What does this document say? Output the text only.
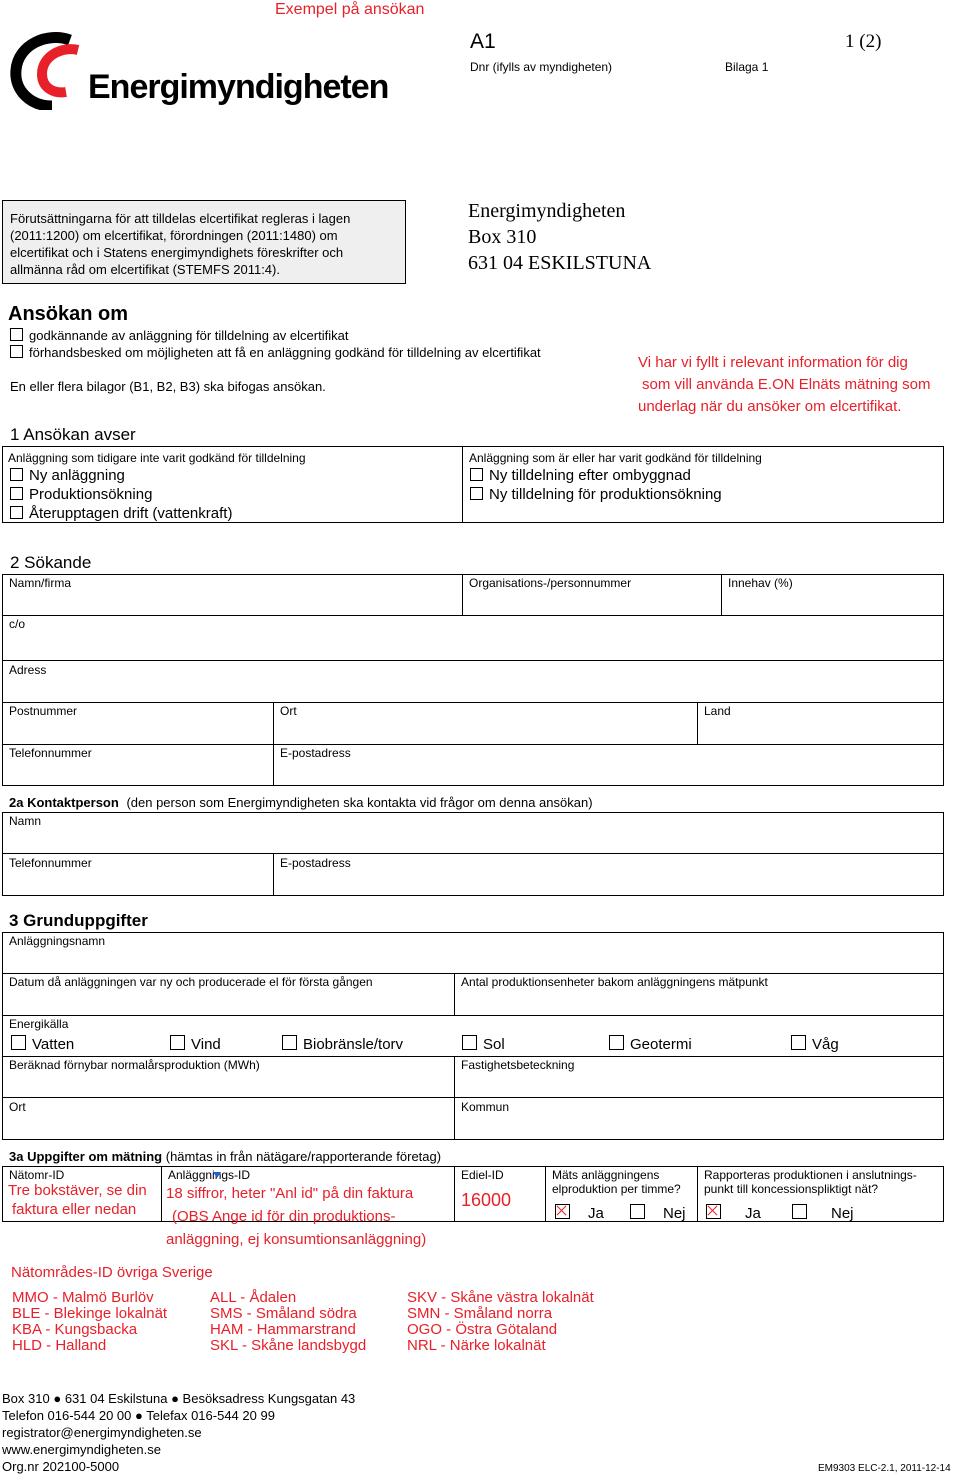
Exempel på ansökan
Energimyndigheten
A1	1 (2)
Dnr (ifylls av myndigheten)	Bilaga 1
Förutsättningarna för att tilldelas elcertifikat regleras i lagen
(2011:1200) om elcertifikat, förordningen (2011:1480) om
elcertifikat och i Statens energimyndighets föreskrifter och
allmänna råd om elcertifikat (STEMFS 2011:4).
Energimyndigheten
Box 310
631 04 ESKILSTUNA
Ansökan om
godkännande av anläggning för tilldelning av elcertifikat
förhandsbesked om möjligheten att få en anläggning godkänd för tilldelning av elcertifikat
En eller flera bilagor (B1, B2, B3) ska bifogas ansökan.
Vi har vi fyllt i relevant information för dig
som vill använda E.ON Elnäts mätning som
underlag när du ansöker om elcertifikat.
1 Ansökan avser
Anläggning som tidigare inte varit godkänd för tilldelning
Ny anläggning
Produktionsökning
Återupptagen drift (vattenkraft)
Anläggning som är eller har varit godkänd för tilldelning
Ny tilldelning efter ombyggnad
Ny tilldelning för produktionsökning
2 Sökande
Namn/firma	Organisations-/personnummer	Innehav (%)
c/o
Adress
Postnummer	Ort	Land
Telefonnummer	E-postadress
2a Kontaktperson (den person som Energimyndigheten ska kontakta vid frågor om denna ansökan)
Namn
Telefonnummer	E-postadress
3 Grunduppgifter
Anläggningsnamn
Datum då anläggningen var ny och producerade el för första gången	Antal produktionsenheter bakom anläggningens mätpunkt
Energikälla
Vatten	Vind	Biobränsle/torv	Sol	Geotermi	Våg
Beräknad förnybar normalårsproduktion (MWh)	Fastighetsbeteckning
Ort	Kommun
3a Uppgifter om mätning (hämtas in från nätägare/rapporterande företag)
Nätomr-ID
Tre bokstäver, se din
faktura eller nedan
Anläggnings-ID
18 siffror, heter "Anl id" på din faktura
(OBS Ange id för din produktions-
anläggning, ej konsumtionsanläggning)
Ediel-ID
16000
Mäts anläggningens
elproduktion per timme?
Ja	Nej
Rapporteras produktionen i anslutnings-
punkt till koncessionspliktigt nät?
Ja	Nej
Nätområdes-ID övriga Sverige
MMO - Malmö Burlöv
BLE - Blekinge lokalnät
KBA - Kungsbacka
HLD - Halland
ALL - Ådalen
SMS - Småland södra
HAM - Hammarstrand
SKL - Skåne landsbygd
SKV - Skåne västra lokalnät
SMN - Småland norra
OGO - Östra Götaland
NRL - Närke lokalnät
Box 310 ● 631 04 Eskilstuna ● Besöksadress Kungsgatan 43
Telefon 016-544 20 00 ● Telefax 016-544 20 99
registrator@energimyndigheten.se
www.energimyndigheten.se
Org.nr 202100-5000	EM9303 ELC-2.1, 2011-12-14
